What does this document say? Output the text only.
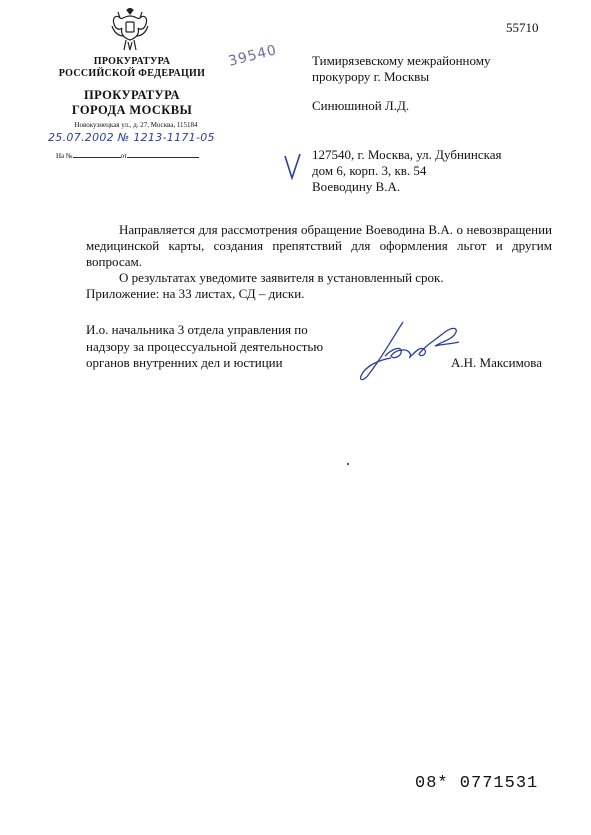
ПРОКУРАТУРА
РОССИЙСКОЙ ФЕДЕРАЦИИ
ПРОКУРАТУРА
ГОРОДА МОСКВЫ
Новокузнецкая ул., д. 27, Москва, 115184
25.07.2002 № 1213-1171-05
На №	от
55710
39540	Тимирязевскому межрайонному
прокурору г. Москвы
Синюшиной Л.Д.
127540, г. Москва, ул. Дубнинская
дом 6, корп. 3, кв. 54
Воеводину В.А.

Направляется для рассмотрения обращение Воеводина В.А. о невозвращении медицинской карты, создания препятствий для оформления льгот и другим вопросам.

О результатах уведомите заявителя в установленный срок.

Приложение: на 33 листах, СД – диски.

И.о. начальника 3 отдела управления по
надзору за процессуальной деятельностью
органов внутренних дел и юстиции	А.Н. Максимова
08* 0771531
